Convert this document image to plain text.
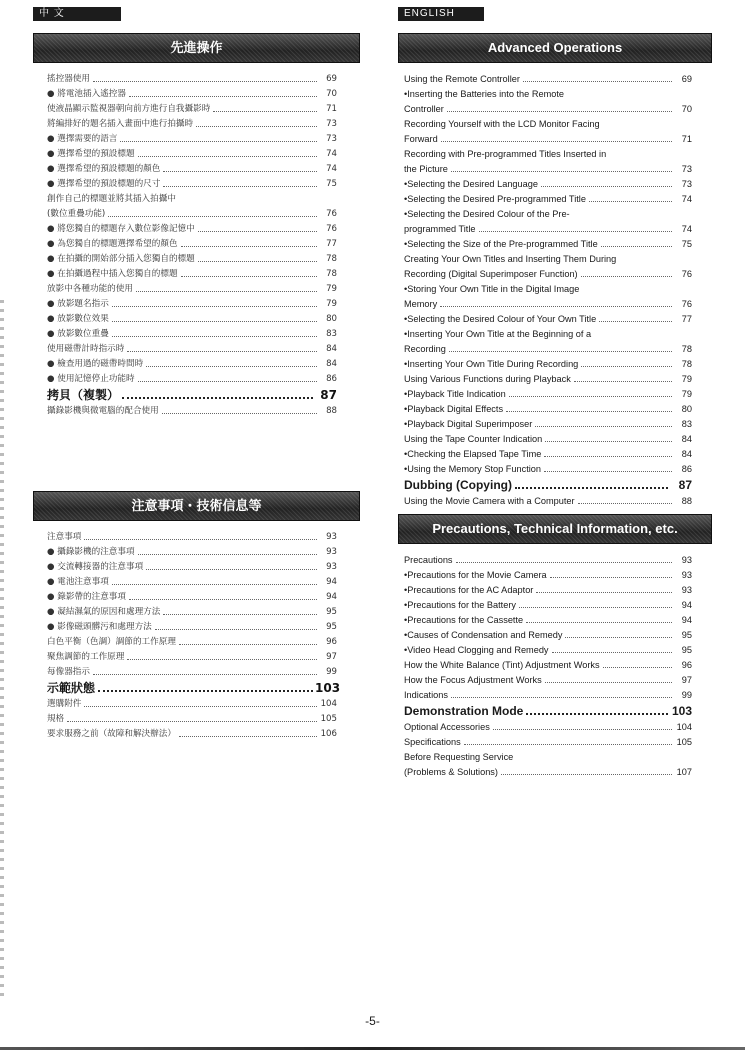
中 文
先進操作
搖控器使用	69
● 將電池插入遙控器	70
使液晶顯示監視器朝向前方進行自我攝影時	71
將編排好的題名插入畫面中進行拍攝時	73
● 選擇需要的語言	73
● 選擇希望的預設標題	74
● 選擇希望的預設標題的顏色	74
● 選擇希望的預設標題的尺寸	75
創作自己的標題並將其插入拍攝中
(數位重疊功能)	76
● 將您獨自的標題存入數位影像記憶中	76
● 為您獨自的標題選擇希望的顏色	77
● 在拍攝的開始部分插入您獨自的標題	78
● 在拍攝過程中插入您獨自的標題	78
放影中各種功能的使用	79
● 放影題名指示	79
● 放影數位效果	80
● 放影數位重疊	83
使用磁帶計時指示時	84
● 檢查用過的磁帶時間時	84
● 使用記憶停止功能時	86
拷貝（複製）	87
攝錄影機與微電腦的配合使用	88
注意事項・技術信息等
注意事項	93
● 攝錄影機的注意事項	93
● 交流轉接器的注意事項	93
● 電池注意事項	94
● 錄影帶的注意事項	94
● 凝結濕氣的原因和處理方法	95
● 影像磁頭髒污和處理方法	95
白色平衡（色調）調節的工作原理	96
聚焦調節的工作原理	97
每像器指示	99
示範狀態	103
選購附件	104
規格	105
要求服務之前（故障和解決辦法）	106
ENGLISH
Advanced Operations
Using the Remote Controller	69
•Inserting the Batteries into the Remote
Controller	70
Recording Yourself with the LCD Monitor Facing
Forward	71
Recording with Pre-programmed Titles Inserted in
the Picture	73
•Selecting the Desired Language	73
•Selecting the Desired Pre-programmed Title	74
•Selecting the Desired Colour of the Pre-
programmed Title	74
•Selecting the Size of the Pre-programmed Title	75
Creating Your Own Titles and Inserting Them During
Recording (Digital Superimposer Function)	76
•Storing Your Own Title in the Digital Image
Memory	76
•Selecting the Desired Colour of Your Own Title	77
•Inserting Your Own Title at the Beginning of a
Recording	78
•Inserting Your Own Title During Recording	78
Using Various Functions during Playback	79
•Playback Title Indication	79
•Playback Digital Effects	80
•Playback Digital Superimposer	83
Using the Tape Counter Indication	84
•Checking the Elapsed Tape Time	84
•Using the Memory Stop Function	86
Dubbing (Copying)	87
Using the Movie Camera with a Computer	88
Precautions, Technical Information, etc.
Precautions	93
•Precautions for the Movie Camera	93
•Precautions for the AC Adaptor	93
•Precautions for the Battery	94
•Precautions for the Cassette	94
•Causes of Condensation and Remedy	95
•Video Head Clogging and Remedy	95
How the White Balance (Tint) Adjustment Works	96
How the Focus Adjustment Works	97
Indications	99
Demonstration Mode	103
Optional Accessories	104
Specifications	105
Before Requesting Service
(Problems & Solutions)	107
-5-
